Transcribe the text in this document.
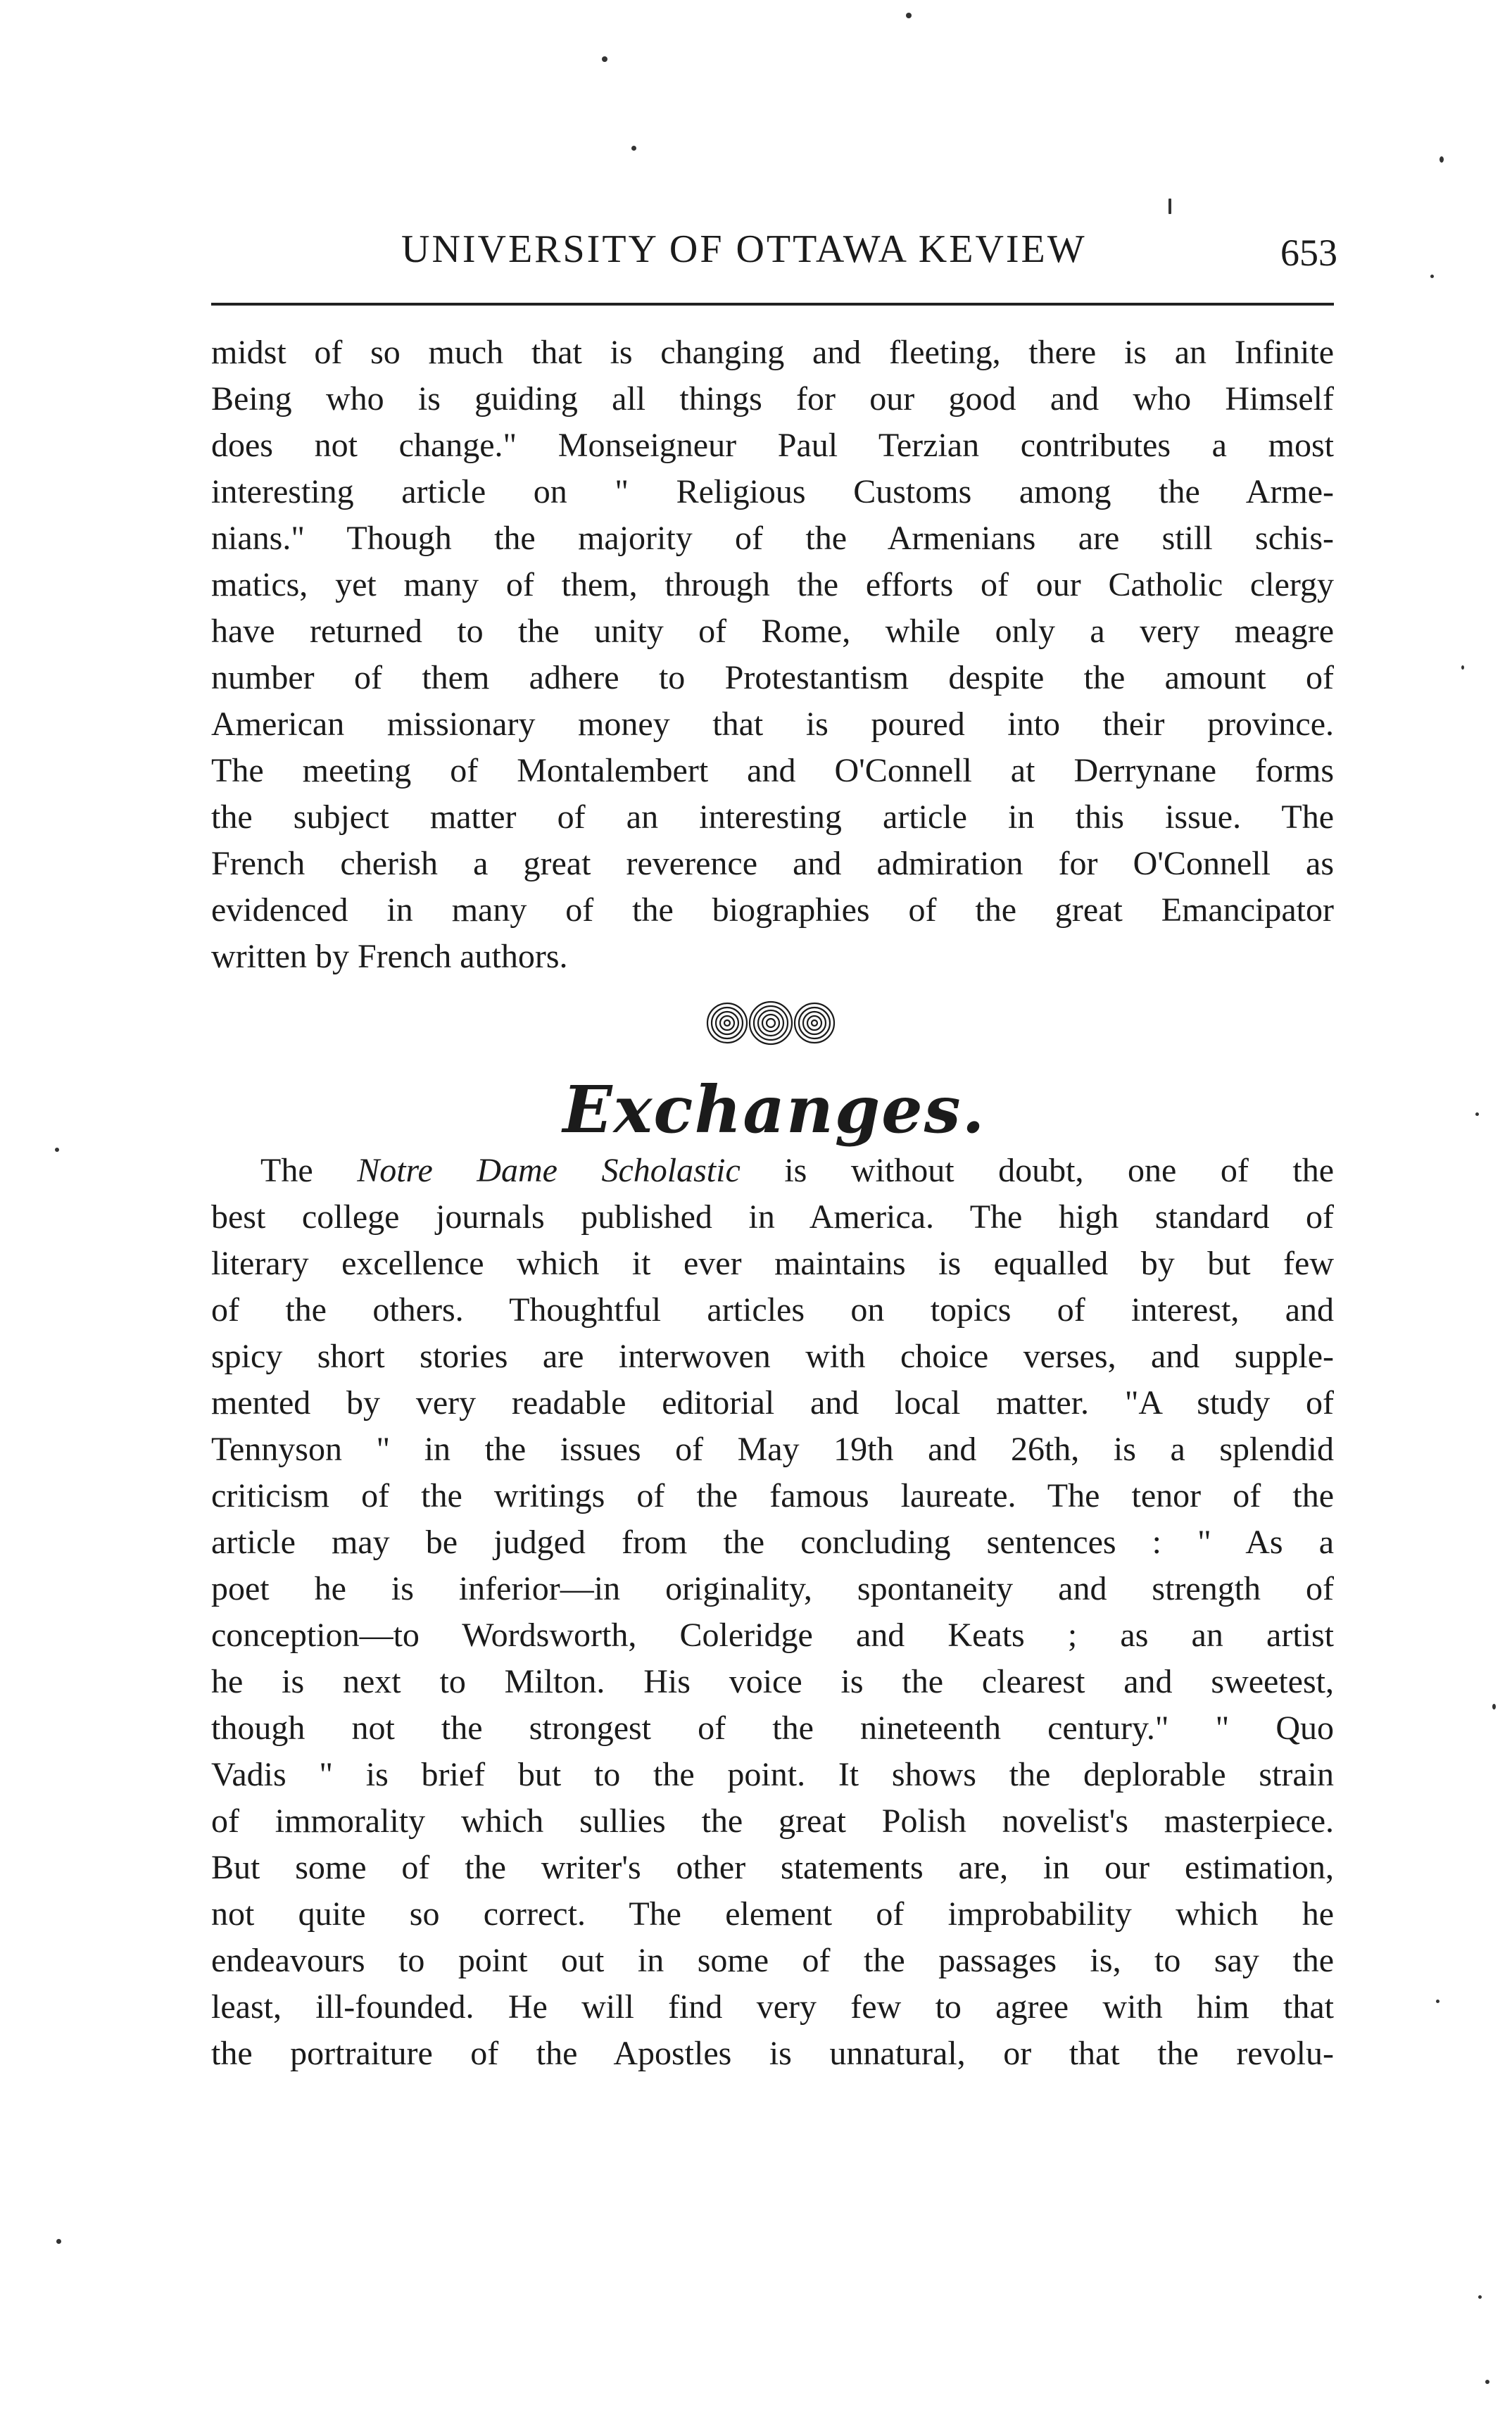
UNIVERSITY OF OTTAWA KEVIEW	653
midst of so much that is changing and fleeting, there is an Infinite
Being who is guiding all things for our good and who Himself
does not change." Monseigneur Paul Terzian contributes a most
interesting article on " Religious Customs among the Arme-
nians." Though the majority of the Armenians are still schis-
matics, yet many of them, through the efforts of our Catholic clergy
have returned to the unity of Rome, while only a very meagre
number of them adhere to Protestantism despite the amount of
American missionary money that is poured into their province.
The meeting of Montalembert and O'Connell at Derrynane forms
the subject matter of an interesting article in this issue. The
French cherish a great reverence and admiration for O'Connell as
evidenced in many of the biographies of the great Emancipator
written by French authors.
Exchanges.
The Notre Dame Scholastic is without doubt, one of the
best college journals published in America. The high standard of
literary excellence which it ever maintains is equalled by but few
of the others. Thoughtful articles on topics of interest, and
spicy short stories are interwoven with choice verses, and supple-
mented by very readable editorial and local matter. "A study of
Tennyson " in the issues of May 19th and 26th, is a splendid
criticism of the writings of the famous laureate. The tenor of the
article may be judged from the concluding sentences : " As a
poet he is inferior—in originality, spontaneity and strength of
conception—to Wordsworth, Coleridge and Keats ; as an artist
he is next to Milton. His voice is the clearest and sweetest,
though not the strongest of the nineteenth century." " Quo
Vadis " is brief but to the point. It shows the deplorable strain
of immorality which sullies the great Polish novelist's masterpiece.
But some of the writer's other statements are, in our estimation,
not quite so correct. The element of improbability which he
endeavours to point out in some of the passages is, to say the
least, ill-founded. He will find very few to agree with him that
the portraiture of the Apostles is unnatural, or that the revolu-
